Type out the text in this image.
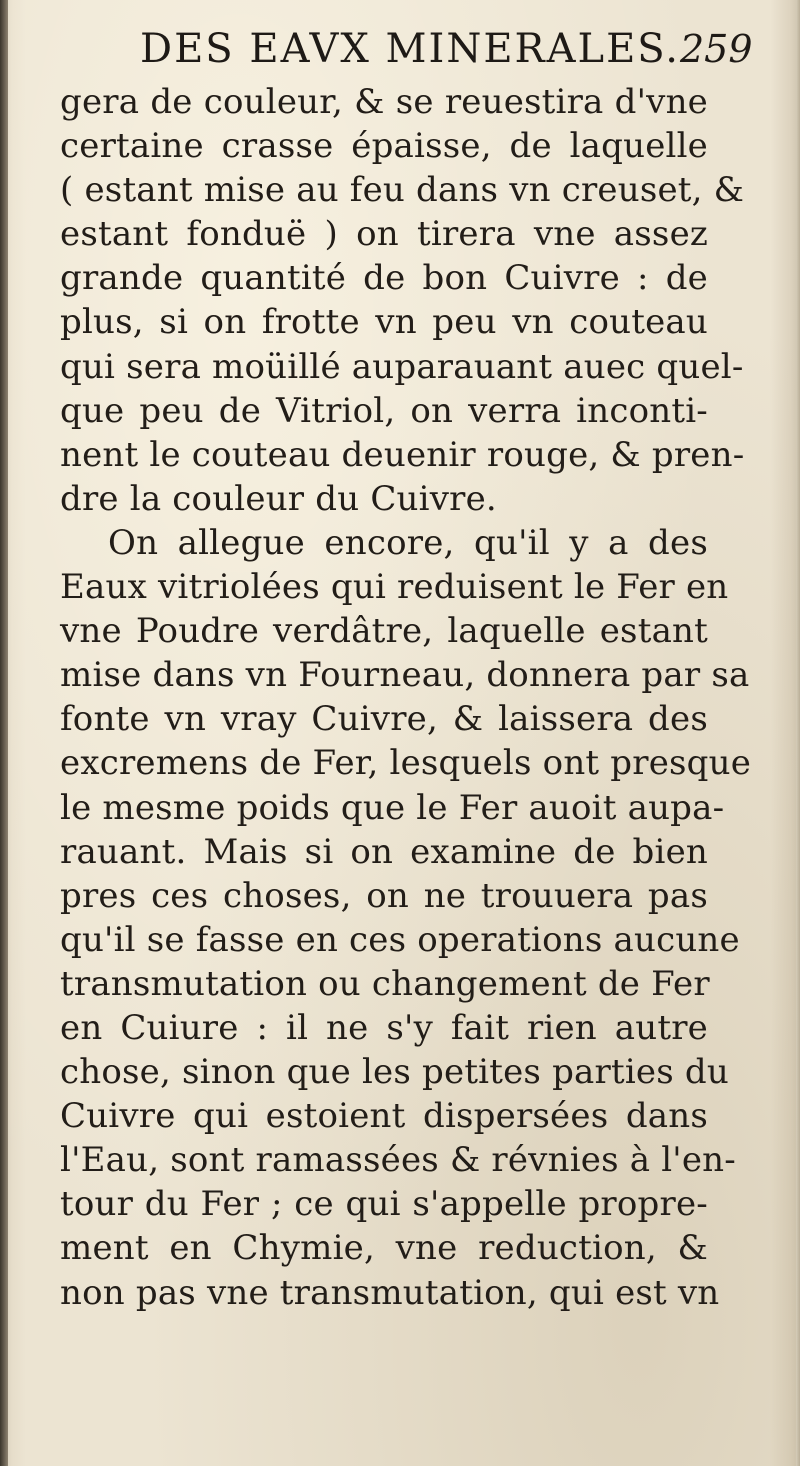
DES EAVX MINERALES. 259
gera de couleur, & se reuestira d'vne
certaine crasse épaisse, de laquelle
( estant mise au feu dans vn creuset, &
estant fonduë ) on tirera vne assez
grande quantité de bon Cuivre : de
plus, si on frotte vn peu vn couteau
qui sera moüillé auparauant auec quel-
que peu de Vitriol, on verra inconti-
nent le couteau deuenir rouge, & pren-
dre la couleur du Cuivre.
On allegue encore, qu'il y a des
Eaux vitriolées qui reduisent le Fer en
vne Poudre verdâtre, laquelle estant
mise dans vn Fourneau, donnera par sa
fonte vn vray Cuivre, & laissera des
excremens de Fer, lesquels ont presque
le mesme poids que le Fer auoit aupa-
rauant. Mais si on examine de bien
pres ces choses, on ne trouuera pas
qu'il se fasse en ces operations aucune
transmutation ou changement de Fer
en Cuiure : il ne s'y fait rien autre
chose, sinon que les petites parties du
Cuivre qui estoient dispersées dans
l'Eau, sont ramassées & révnies à l'en-
tour du Fer ; ce qui s'appelle propre-
ment en Chymie, vne reduction, &
non pas vne transmutation, qui est vn
